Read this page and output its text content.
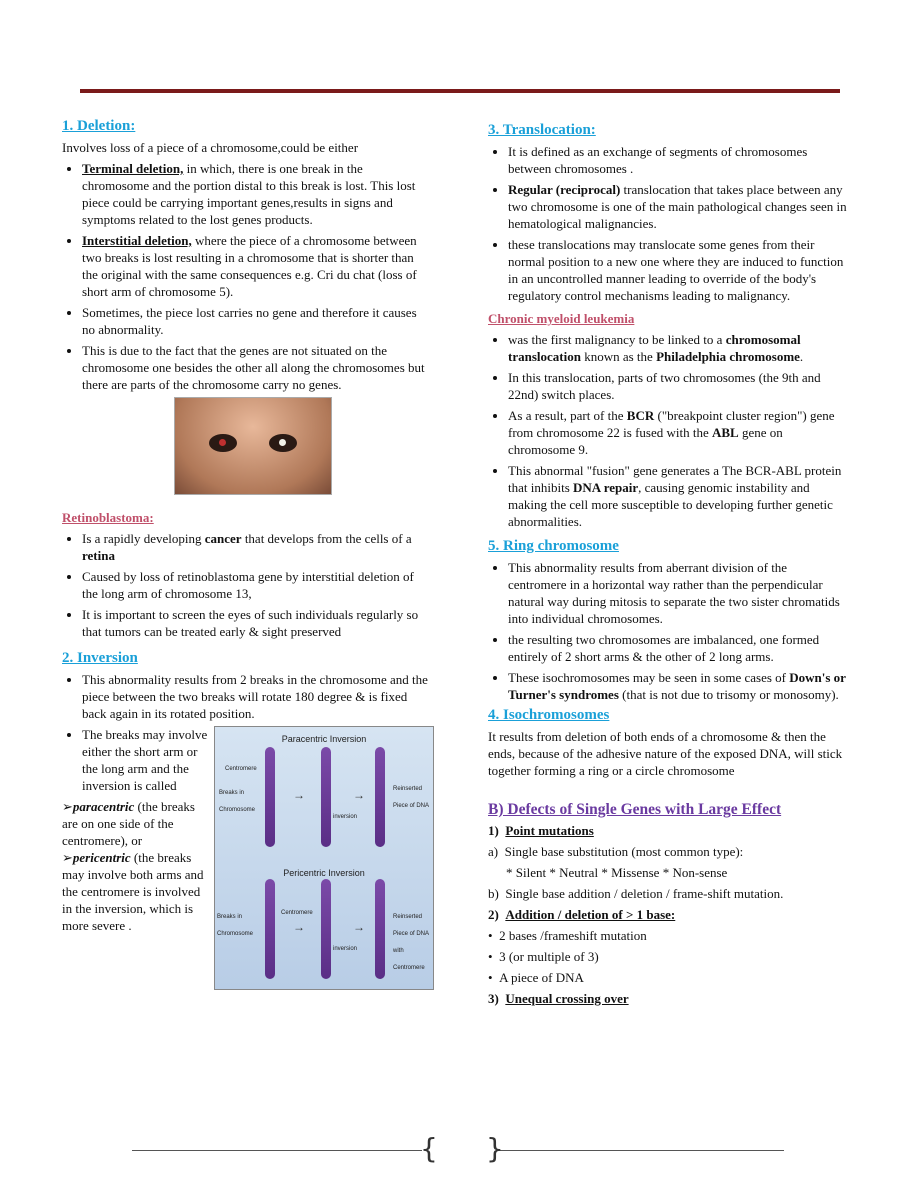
1. Deletion:

Involves loss of a piece of a chromosome,could be either

• Terminal deletion, in which, there is one break in the chromosome and the portion distal to this break is lost. This lost piece could be carrying important genes,results in signs and symptoms related to the lost genes products.
• Interstitial deletion, where the piece of a chromosome between two breaks is lost resulting in a chromosome that is shorter than the original with the same consequences e.g. Cri du chat (loss of short arm of chromosome 5).
• Sometimes, the piece lost carries no gene and therefore it causes no abnormality.
• This is due to the fact that the genes are not situated on the chromosome one besides the other all along the chromosomes but there are parts of the chromosome carry no genes.
Retinoblastoma:
• Is a rapidly developing cancer that develops from the cells of a retina
• Caused by loss of retinoblastoma gene by interstitial deletion of the long arm of chromosome 13,
• It is important to screen the eyes of such individuals regularly so that tumors can be treated early & sight preserved
2. Inversion
• This abnormality results from 2 breaks in the chromosome and the piece between the two breaks will rotate 180 degree & is fixed back again in its rotated position.
• The breaks may involve either the short arm or the long arm and the inversion is called
➢paracentric (the breaks are on one side of the centromere), or
➢pericentric (the breaks may involve both arms and the centromere is involved in the inversion, which is more severe .
Paracentric Inversion
Centromere
Breaks in Chromosome
→
inversion
→	Reinserted Piece of DNA
Pericentric Inversion
Breaks in Chromosome
Centromere
→
inversion
→
Reinserted Piece of DNA with Centromere
3. Translocation:
• It is defined as an exchange of segments of chromosomes between chromosomes .
• Regular (reciprocal) translocation that takes place between any two chromosome is one of the main pathological changes seen in hematological malignancies.
• these translocations may translocate some genes from their normal position to a new one where they are induced to function in an uncontrolled manner leading to override of the body's regulatory control mechanisms leading to malignancy.
Chronic myeloid leukemia
• was the first malignancy to be linked to a chromosomal translocation known as the Philadelphia chromosome.
• In this translocation, parts of two chromosomes (the 9th and 22nd) switch places.
• As a result, part of the BCR ("breakpoint cluster region") gene from chromosome 22 is fused with the ABL gene on chromosome 9.
• This abnormal "fusion" gene generates a The BCR-ABL protein that inhibits DNA repair, causing genomic instability and making the cell more susceptible to developing further genetic abnormalities.
5. Ring chromosome
• This abnormality results from aberrant division of the centromere in a horizontal way rather than the perpendicular natural way during mitosis to separate the two sister chromatids into individual chromosomes.
• the resulting two chromosomes are imbalanced, one formed entirely of 2 short arms & the other of 2 long arms.
• These isochromosomes may be seen in some cases of Down's or Turner's syndromes (that is not due to trisomy or monosomy).
4. Isochromosomes

It results from deletion of both ends of a chromosome & then the ends, because of the adhesive nature of the exposed DNA, will stick together forming a ring or a circle chromosome

B) Defects of Single Genes with Large Effect
1) Point mutations
a) Single base substitution (most common type):
* Silent * Neutral * Missense * Non-sense
b) Single base addition / deletion / frame-shift mutation.
2) Addition / deletion of > 1 base:
•  2 bases /frameshift mutation
•  3 (or multiple of 3)
•  A piece of DNA
3) Unequal crossing over
{ }
